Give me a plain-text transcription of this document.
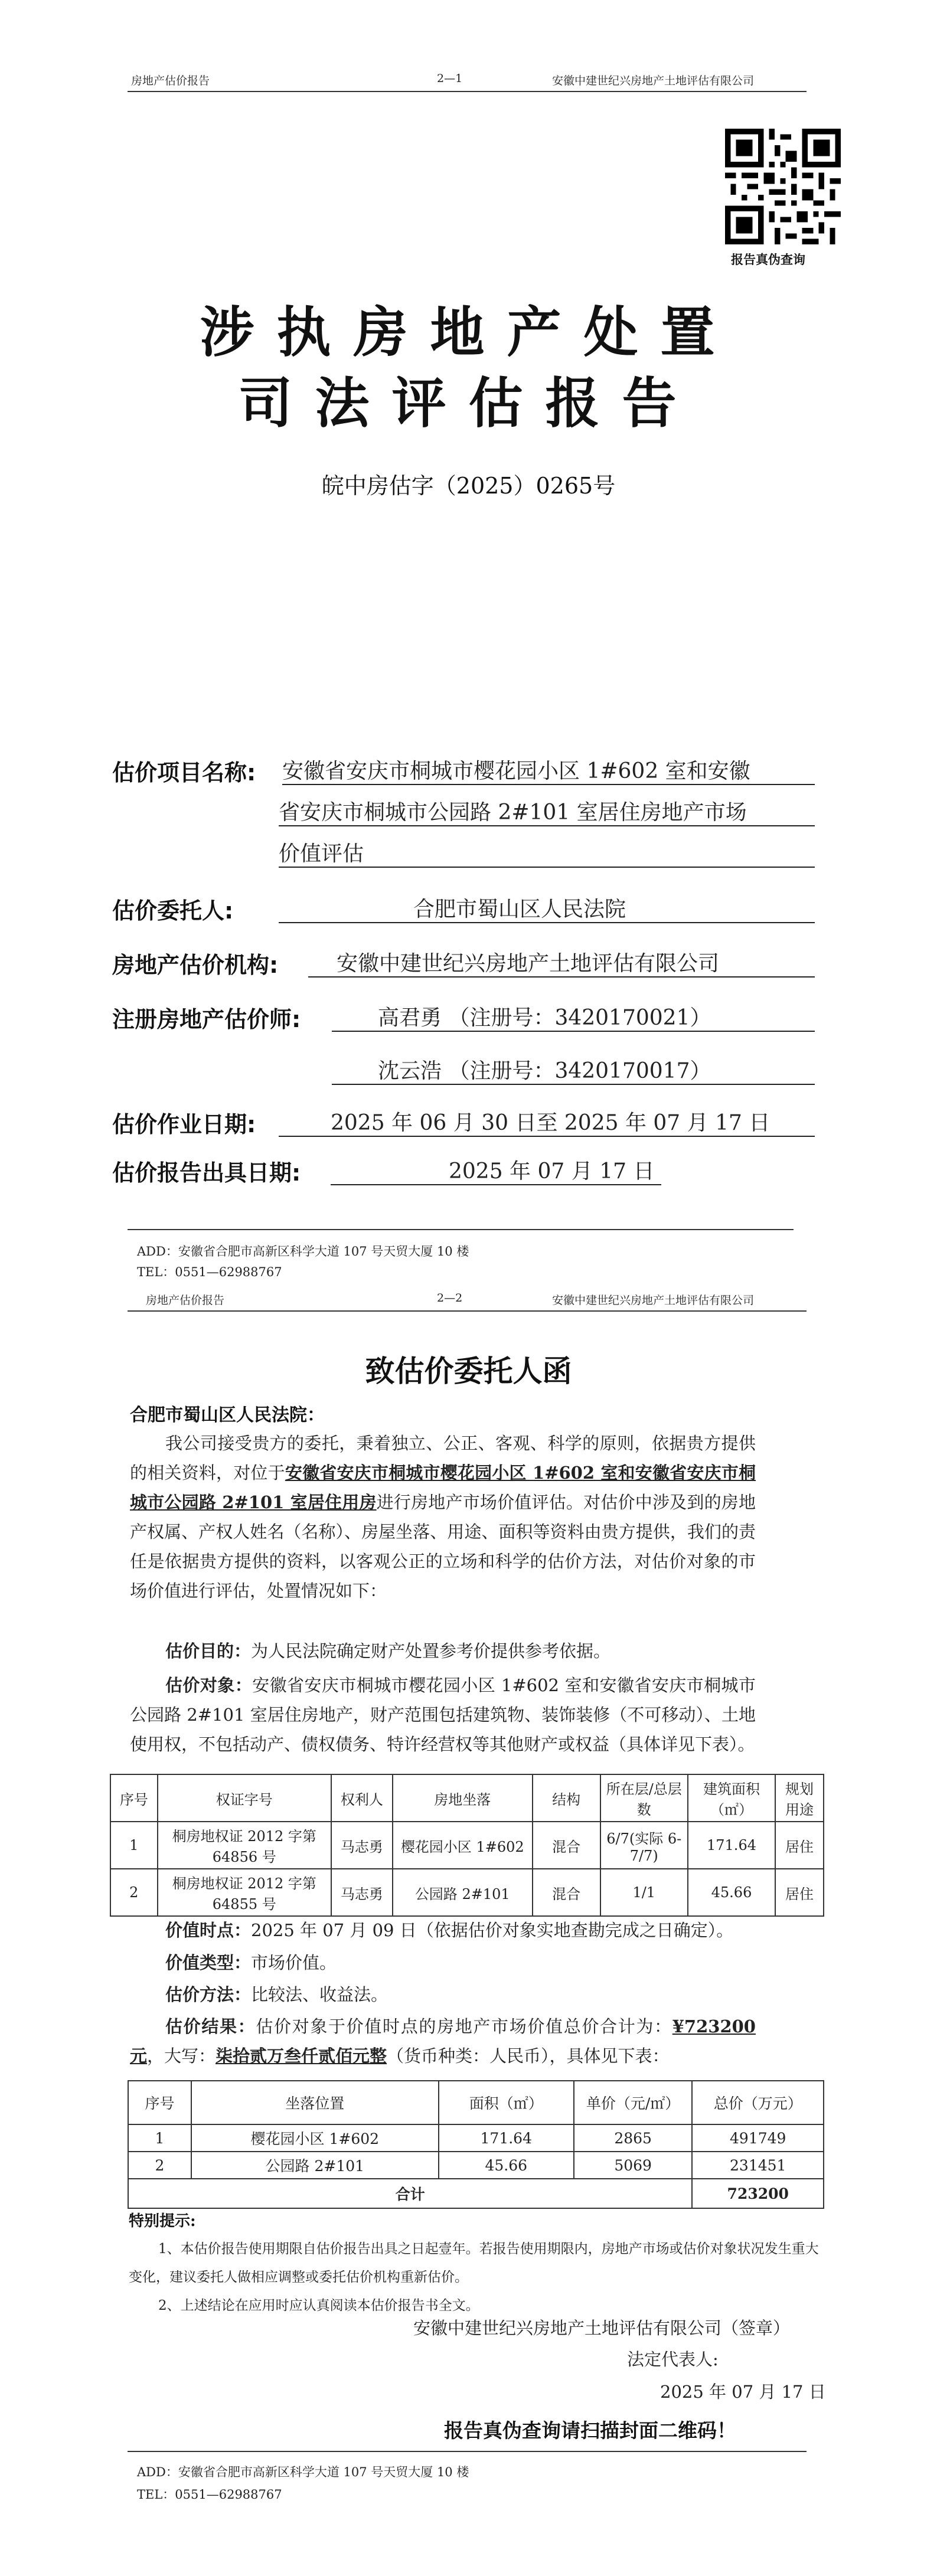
房地产估价报告	2—1	安徽中建世纪兴房地产土地评估有限公司
报告真伪查询
涉执房地产处置
司法评估报告
皖中房估字（2025）0265号
估价项目名称: 安徽省安庆市桐城市樱花园小区 1#602 室和安徽
省安庆市桐城市公园路 2#101 室居住房地产市场
价值评估
估价委托人:	合肥市蜀山区人民法院
房地产估价机构:	安徽中建世纪兴房地产土地评估有限公司
注册房地产估价师:	高君勇 （注册号：3420170021）
沈云浩 （注册号：3420170017）
估价作业日期:	2025 年 06 月 30 日至 2025 年 07 月 17 日
估价报告出具日期:	2025 年 07 月 17 日
ADD：安徽省合肥市高新区科学大道 107 号天贸大厦 10 楼
TEL：0551—62988767
房地产估价报告	2—2	安徽中建世纪兴房地产土地评估有限公司
致估价委托人函
合肥市蜀山区人民法院：
我公司接受贵方的委托，秉着独立、公正、客观、科学的原则，依据贵方提供的相关资料，对位于安徽省安庆市桐城市樱花园小区 1#602 室和安徽省安庆市桐城市公园路 2#101 室居住用房进行房地产市场价值评估。对估价中涉及到的房地产权属、产权人姓名（名称）、房屋坐落、用途、面积等资料由贵方提供，我们的责任是依据贵方提供的资料，以客观公正的立场和科学的估价方法，对估价对象的市场价值进行评估，处置情况如下：
估价目的：为人民法院确定财产处置参考价提供参考依据。
估价对象：安徽省安庆市桐城市樱花园小区 1#602 室和安徽省安庆市桐城市公园路 2#101 室居住房地产，财产范围包括建筑物、装饰装修（不可移动）、土地使用权，不包括动产、债权债务、特许经营权等其他财产或权益（具体详见下表）。
序号	权证字号	权利人	房地坐落	结构	所在层/总层数	建筑面积（㎡）	规划用途
1	桐房地权证 2012 字第 64856 号	马志勇	樱花园小区 1#602	混合	6/7(实际 6-7/7)	171.64	居住
2	桐房地权证 2012 字第 64855 号	马志勇	公园路 2#101	混合	1/1	45.66	居住
价值时点：2025 年 07 月 09 日（依据估价对象实地查勘完成之日确定）。
价值类型：市场价值。
估价方法：比较法、收益法。
估价结果：估价对象于价值时点的房地产市场价值总价合计为：¥723200 元，大写：柒拾贰万叁仟贰佰元整（货币种类：人民币），具体见下表：
序号	坐落位置	面积（㎡）	单价（元/㎡）	总价（万元）
1	樱花园小区 1#602	171.64	2865	491749
2	公园路 2#101	45.66	5069	231451
合计				723200
特别提示:
1、本估价报告使用期限自估价报告出具之日起壹年。若报告使用期限内，房地产市场或估价对象状况发生重大变化，建议委托人做相应调整或委托估价机构重新估价。
2、上述结论在应用时应认真阅读本估价报告书全文。
安徽中建世纪兴房地产土地评估有限公司（签章）
法定代表人:
2025 年 07 月 17 日
报告真伪查询请扫描封面二维码！
ADD：安徽省合肥市高新区科学大道 107 号天贸大厦 10 楼
TEL：0551—62988767
